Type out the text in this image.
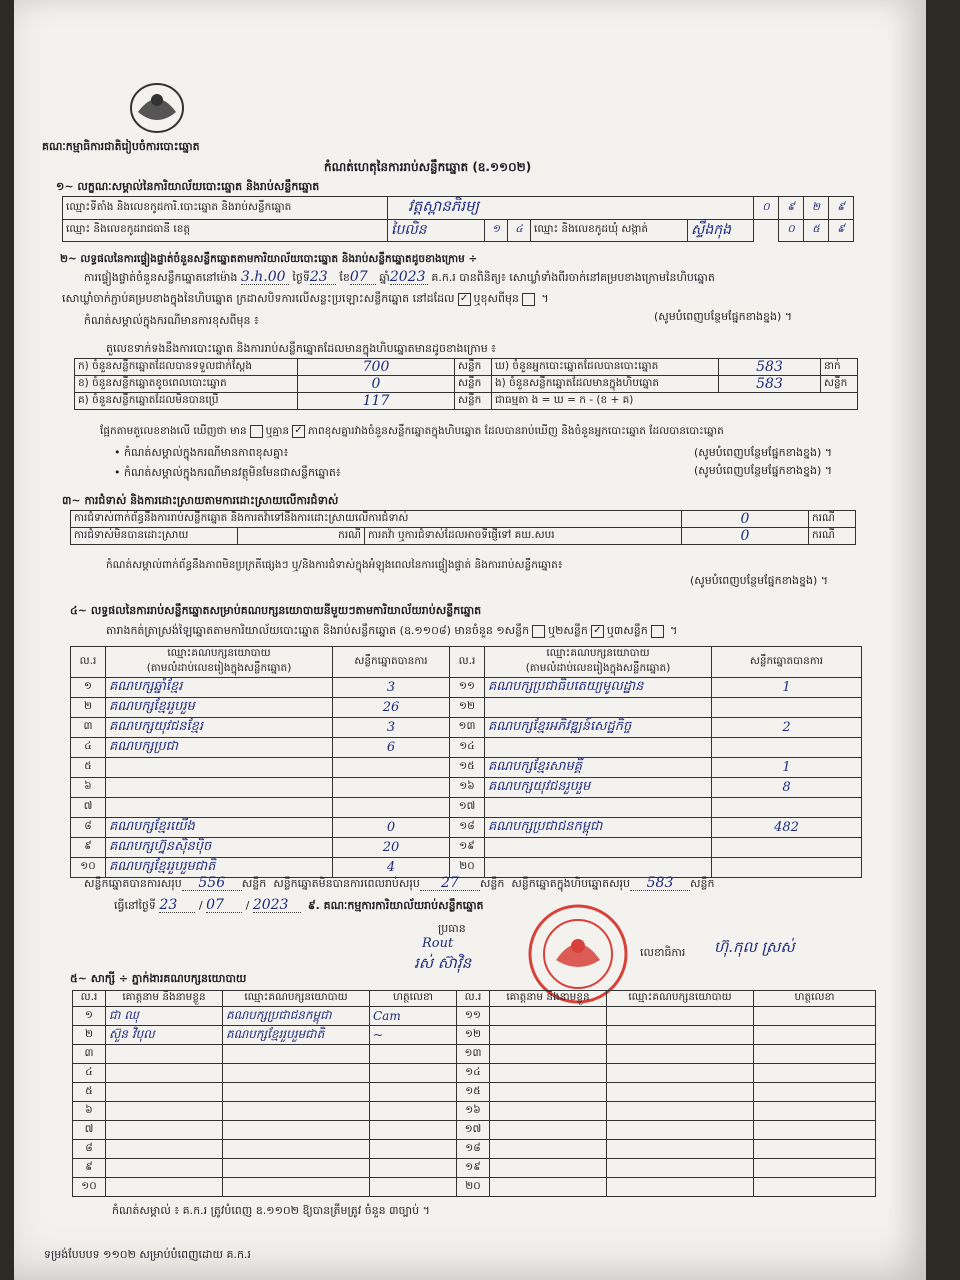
គណៈកម្មាធិការជាតិរៀបចំការបោះឆ្នោត
កំណត់ហេតុនៃការរាប់សន្លឹកឆ្នោត (ឧ.១១០២)
១~ លក្ខណៈសម្គាល់នៃការិយាល័យបោះឆ្នោត និងរាប់សន្លឹកឆ្នោត
ឈ្មោះទីតាំង និងលេខកូដការិ.បោះឆ្នោត និងរាប់សន្លឹកឆ្នោត	វត្តស្ពានភិរម្យ					០	៩	២	៩
ឈ្មោះ និងលេខកូដរាជធានី ខេត្ត	បៃលិន	១	៤	ឈ្មោះ និងលេខកូដឃុំ សង្កាត់	ស្ទឹងកុង		០	៥	៩
២~ លទ្ធផលនៃការផ្ទៀងផ្ទាត់ចំនួនសន្លឹកឆ្នោតតាមការិយាល័យបោះឆ្នោត និងរាប់សន្លឹកឆ្នោតដូចខាងក្រោម ÷
ការផ្ទៀងផ្ទាត់ចំនួនសន្លឹកឆ្នោតនៅម៉ោង 3.h.00 ថ្ងៃទី23 ខែ07 ឆ្នាំ2023 គ.ក.រ បានពិនិត្យ៖ សោឃ្លាំទាំងពីរចាក់នៅគម្របខាងក្រោមនៃហិបឆ្នោត
សោឃ្លាំចាក់ភ្ជាប់គម្របខាងក្នុងនៃហិបឆ្នោត ក្រដាសបិទការលើសន្លះប្រឡោះសន្លឹកឆ្នោត នៅដដែល ✓ ឬខុសពីមុន ។
កំណត់សម្គាល់ក្នុងករណីមានការខុសពីមុន ៖	(សូមបំពេញបន្ថែមផ្នែកខាងខ្នង) ។
តួលេខទាក់ទងនឹងការបោះឆ្នោត និងការរាប់សន្លឹកឆ្នោតដែលមានក្នុងហិបឆ្នោតមានដូចខាងក្រោម ៖
ក) ចំនួនសន្លឹកឆ្នោតដែលបានទទួលជាក់ស្តែង	700	សន្លឹក	ឃ) ចំនួនអ្នកបោះឆ្នោតដែលបានបោះឆ្នោត	583	នាក់
ខ) ចំនួនសន្លឹកឆ្នោតខូចពេលបោះឆ្នោត	0	សន្លឹក	ង) ចំនួនសន្លឹកឆ្នោតដែលមានក្នុងហិបឆ្នោត	583	សន្លឹក
គ) ចំនួនសន្លឹកឆ្នោតដែលមិនបានប្រើ	117	សន្លឹក	ជាធម្មតា ង = ឃ = ក - (ខ + គ)		
ផ្អែកតាមតួលេខខាងលើ ឃើញថា មាន ឬគ្មាន ✓ ភាពខុសគ្នារវាងចំនួនសន្លឹកឆ្នោតក្នុងហិបឆ្នោត ដែលបានរាប់ឃើញ និងចំនួនអ្នកបោះឆ្នោត ដែលបានបោះឆ្នោត
• កំណត់សម្គាល់ក្នុងករណីមានភាពខុសគ្នា៖	(សូមបំពេញបន្ថែមផ្នែកខាងខ្នង) ។
• កំណត់សម្គាល់ក្នុងករណីមានវត្ថុមិនមែនជាសន្លឹកឆ្នោត៖	(សូមបំពេញបន្ថែមផ្នែកខាងខ្នង) ។
៣~ ការជំទាស់ និងការដោះស្រាយតាមការដោះស្រាយលើការជំទាស់
ការជំទាស់ពាក់ព័ន្ធនឹងការរាប់សន្លឹកឆ្នោត និងការតវ៉ាទៅនឹងការដោះស្រាយលើការជំទាស់			0	ករណី
ការជំទាស់មិនបានដោះស្រាយ	ករណី	ការតវ៉ា ឬការជំទាស់ដែលអាចទីផ្ញើទៅ គឃ.សបរ	0	ករណី
កំណត់សម្គាល់ពាក់ព័ន្ធនឹងភាពមិនប្រក្រតីផ្សេងៗ ឬ/និងការជំទាស់ក្នុងអំឡុងពេលនៃការផ្ទៀងផ្ទាត់ និងការរាប់សន្លឹកឆ្នោត៖
(សូមបំពេញបន្ថែមផ្នែកខាងខ្នង) ។
៤~ លទ្ធផលនៃការរាប់សន្លឹកឆ្នោតសម្រាប់គណបក្សនយោបាយនីមួយៗតាមការិយាល័យរាប់សន្លឹកឆ្នោត
តារាងកត់ត្រាស្រង់ឡៃឆ្នោតតាមការិយាល័យបោះឆ្នោត និងរាប់សន្លឹកឆ្នោត (ឧ.១១០៨) មានចំនួន ១សន្លឹក ឬ២សន្លឹក ✓ ឬ៣សន្លឹក ។
ល.រ	ឈ្មោះគណបក្សនយោបាយ
(តាមលំដាប់លេខរៀងក្នុងសន្លឹកឆ្នោត)	សន្លឹកឆ្នោតបានការ	ល.រ	ឈ្មោះគណបក្សនយោបាយ
(តាមលំដាប់លេខរៀងក្នុងសន្លឹកឆ្នោត)	សន្លឹកឆ្នោតបានការ
១	គណបក្សឆ្នាំខ្មែរ	3	១១	គណបក្សប្រជាធិបតេយ្យមូលដ្ឋាន	1
២	គណបក្សខ្មែររួបរួម	26	១២		
៣	គណបក្សយុវជនខ្មែរ	3	១៣	គណបក្សខ្មែរអភិវឌ្ឍន៍សេដ្ឋកិច្ច	2
៤	គណបក្សប្រជា	6	១៤		
៥			១៥	គណបក្សខ្មែរសាមគ្គី	1
៦			១៦	គណបក្សយុវជនរួបរួម	8
៧			១៧		
៨	គណបក្សខ្មែរយើង	0	១៨	គណបក្សប្រជាជនកម្ពុជា	482
៩	គណបក្សហ្វ៊ុនស៊ិនប៉ិច	20	១៩		
១០	គណបក្សខ្មែររួបរួមជាតិ	4	២០		
សន្លឹកឆ្នោតបានការសរុប 556 សន្លឹក សន្លឹកឆ្នោតមិនបានការពេលរាប់សរុប 27 សន្លឹក សន្លឹកឆ្នោតក្នុងហិបឆ្នោតសរុប 583 សន្លឹក
ធ្វើនៅថ្ងៃទី 23 / 07 / 2023 ៩. គណៈកម្មការការិយាល័យរាប់សន្លឹកឆ្នោត
ប្រធាន
Rout
រស់ ស៊ាវ៉ិន
លេខាធិការ ហ៊ុ.កុល ស្រស់
៥~ សាក្សី ÷ ភ្នាក់ងារគណបក្សនយោបាយ
ល.រ	គោត្តនាម និងនាមខ្លួន	ឈ្មោះគណបក្សនយោបាយ	ហត្ថលេខា	ល.រ	គោត្តនាម និងនាមខ្លួន	ឈ្មោះគណបក្សនយោបាយ	ហត្ថលេខា
១	ជា ឈុ	គណបក្សប្រជាជនកម្ពុជា	Cam	១១			
២	ស៊ួន វិបុល	គណបក្សខ្មែររួបរួមជាតិ	~	១២			
៣				១៣			
៤				១៤			
៥				១៥			
៦				១៦			
៧				១៧			
៨				១៨			
៩				១៩			
១០				២០			
កំណត់សម្គាល់ ៖ គ.ក.រ ត្រូវបំពេញ ឧ.១១០២ ឱ្យបានត្រឹមត្រូវ ចំនួន ៣ច្បាប់ ។
ទម្រង់បែបបទ ១១០២ សម្រាប់បំពេញដោយ គ.ក.រ
